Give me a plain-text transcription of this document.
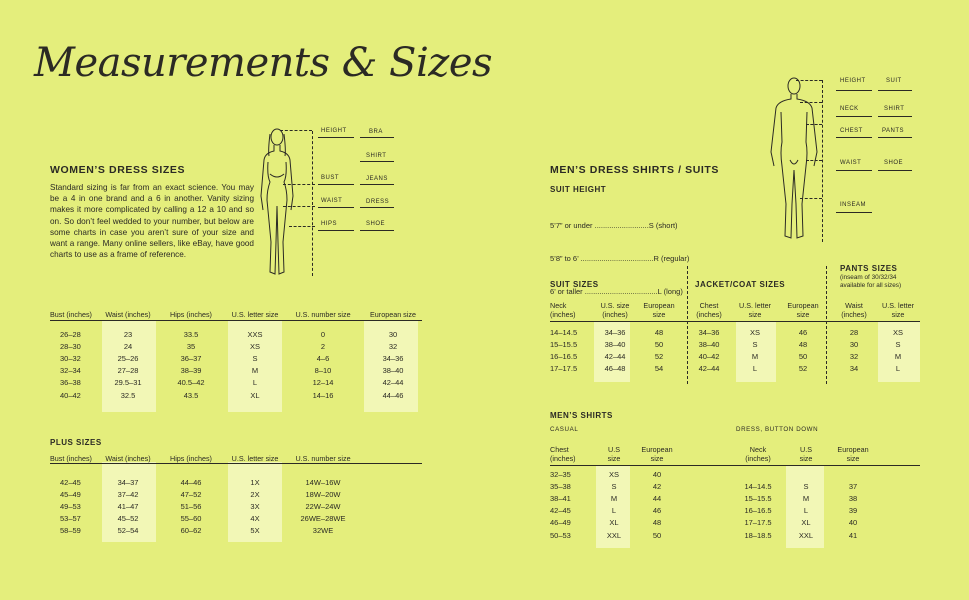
Measurements & Sizes
WOMEN’S DRESS SIZES
Standard sizing is far from an exact science. You may be a 4 in one brand and a 6 in another. Vanity sizing makes it more complicated by calling a 12 a 10 and so on. So don’t feel wedded to your number, but below are some charts in case you aren’t sure of your size and want a range. Many online sellers, like eBay, have good charts to use as a frame of reference.
HEIGHT
BUST
WAIST
HIPS
BRA
SHIRT
JEANS
DRESS
SHOE
Bust (inches)	Waist (inches)	Hips (inches)	U.S. letter size	U.S. number size	European size

26–28	23	33.5	XXS	0	30
28–30	24	35	XS	2	32
30–32	25–26	36–37	S	4–6	34–36
32–34	27–28	38–39	M	8–10	38–40
36–38	29.5–31	40.5–42	L	12–14	42–44
40–42	32.5	43.5	XL	14–16	44–46
PLUS SIZES
Bust (inches)	Waist (inches)	Hips (inches)	U.S. letter size	U.S. number size

42–45	34–37	44–46	1X	14W–16W
45–49	37–42	47–52	2X	18W–20W
49–53	41–47	51–56	3X	22W–24W
53–57	45–52	55–60	4X	26WE–28WE
58–59	52–54	60–62	5X	32WE
MEN’S DRESS SHIRTS / SUITS
SUIT HEIGHT

5’7” or under ..........................S (short)

5’8” to 6’ ...................................R (regular)

6’ or taller ...................................L (long)

HEIGHT
NECK
CHEST
WAIST
INSEAM
SUIT
SHIRT
PANTS
SHOE
SUIT SIZES	JACKET/COAT SIZES
PANTS SIZES
(inseam of 30/32/34
available for all sizes)
Neck
(inches)	U.S. size
(inches)	European
size

14–14.5	34–36	48
15–15.5	38–40	50
16–16.5	42–44	52
17–17.5	46–48	54
Chest
(inches)	U.S. letter
size	European
size

34–36	XS	46
38–40	S	48
40–42	M	50
42–44	L	52
Waist
(inches)	U.S. letter
size

28	XS
30	S
32	M
34	L
MEN’S SHIRTS
CASUAL	DRESS, BUTTON DOWN
Chest
(inches)	U.S
size	European
size

32–35	XS	40
35–38	S	42
38–41	M	44
42–45	L	46
46–49	XL	48
50–53	XXL	50
Neck
(inches)	U.S
size	European
size

14–14.5	S	37
15–15.5	M	38
16–16.5	L	39
17–17.5	XL	40
18–18.5	XXL	41
